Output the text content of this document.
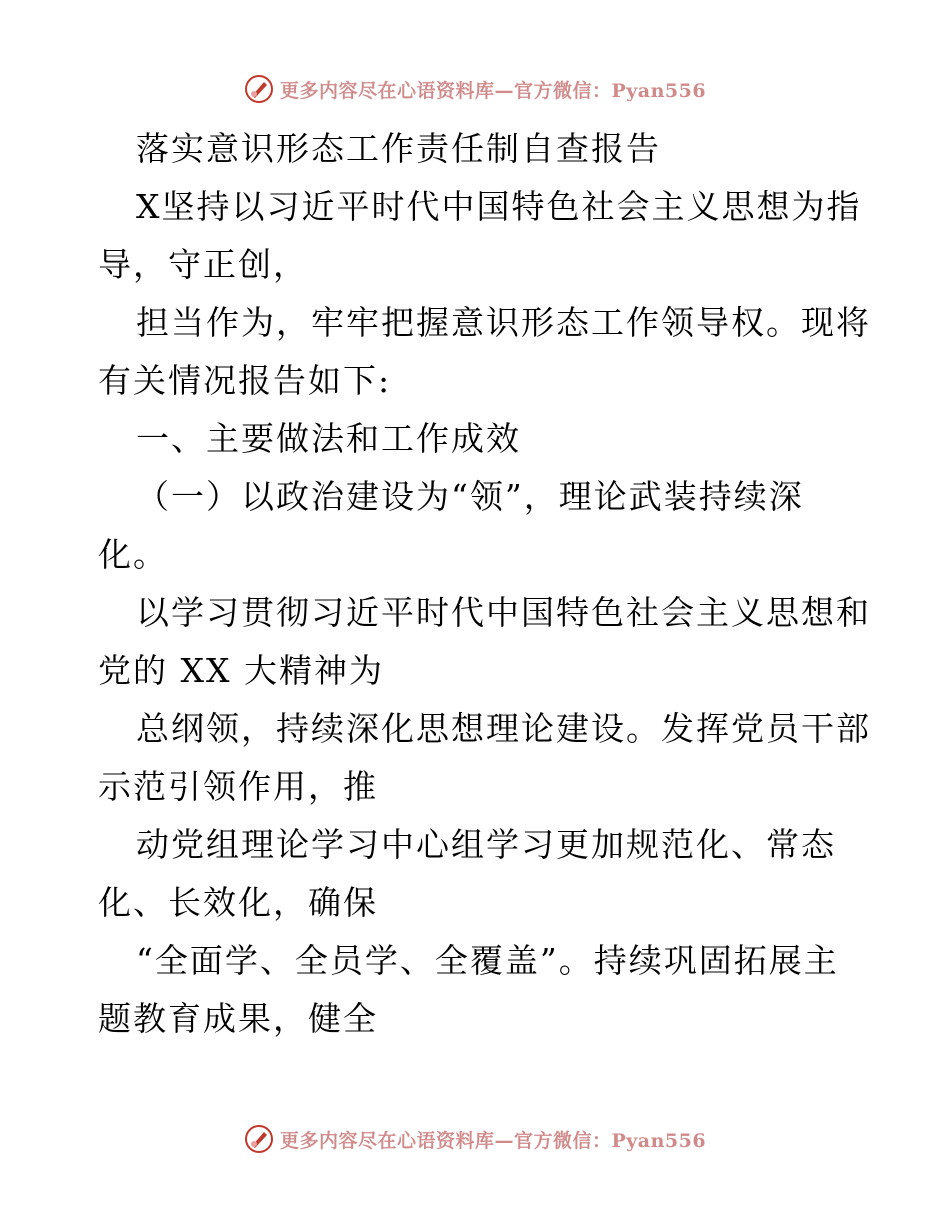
更多内容尽在心语资料库—官方微信：Pyan556
落实意识形态工作责任制自查报告
X坚持以习近平时代中国特色社会主义思想为指
导，守正创，
担当作为，牢牢把握意识形态工作领导权。现将
有关情况报告如下:
一、主要做法和工作成效
（一）以政治建设为“领”，理论武装持续深
化。
以学习贯彻习近平时代中国特色社会主义思想和
党的 XX 大精神为
总纲领，持续深化思想理论建设。发挥党员干部
示范引领作用，推
动党组理论学习中心组学习更加规范化、常态
化、长效化，确保
“全面学、全员学、全覆盖”。持续巩固拓展主
题教育成果，健全
更多内容尽在心语资料库—官方微信：Pyan556
